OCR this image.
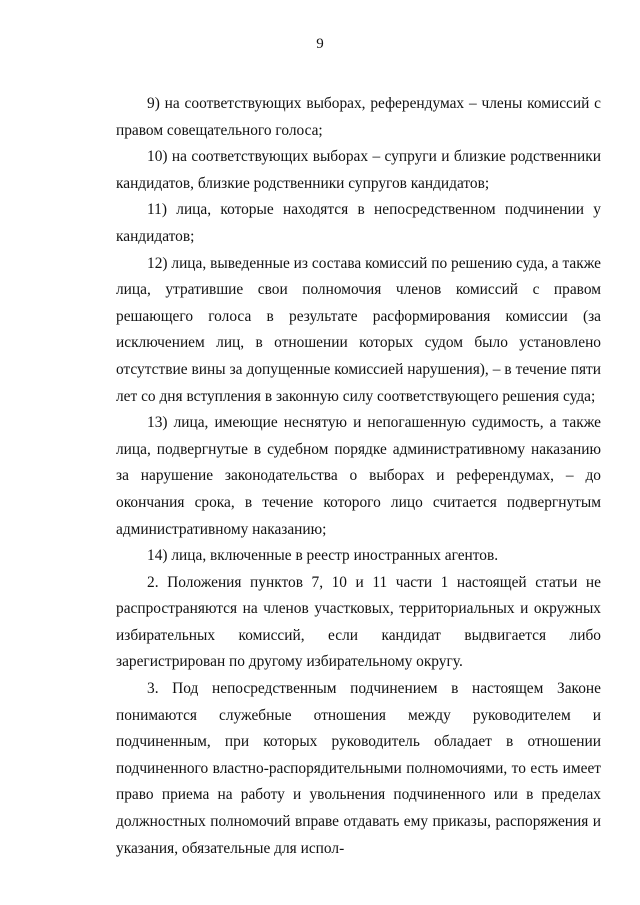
9

9) на соответствующих выборах, референдумах – члены комиссий с правом совещательного голоса;

10) на соответствующих выборах – супруги и близкие родственники кандидатов, близкие родственники супругов кандидатов;

11) лица, которые находятся в непосредственном подчинении у кандидатов;

12) лица, выведенные из состава комиссий по решению суда, а также лица, утратившие свои полномочия членов комиссий с правом решающего голоса в результате расформирования комиссии (за исключением лиц, в отношении которых судом было установлено отсутствие вины за допущенные комиссией нарушения), – в течение пяти лет со дня вступления в законную силу соответствующего решения суда;

13) лица, имеющие неснятую и непогашенную судимость, а также лица, подвергнутые в судебном порядке административному наказанию за нарушение законодательства о выборах и референдумах, – до окончания срока, в течение которого лицо считается подвергнутым административному наказанию;

14) лица, включенные в реестр иностранных агентов.

2. Положения пунктов 7, 10 и 11 части 1 настоящей статьи не распространяются на членов участковых, территориальных и окружных избирательных комиссий, если кандидат выдвигается либо зарегистрирован по другому избирательному округу.

3. Под непосредственным подчинением в настоящем Законе понимаются служебные отношения между руководителем и подчиненным, при которых руководитель обладает в отношении подчиненного властно-распорядительными полномочиями, то есть имеет право приема на работу и увольнения подчиненного или в пределах должностных полномочий вправе отдавать ему приказы, распоряжения и указания, обязательные для испол-
